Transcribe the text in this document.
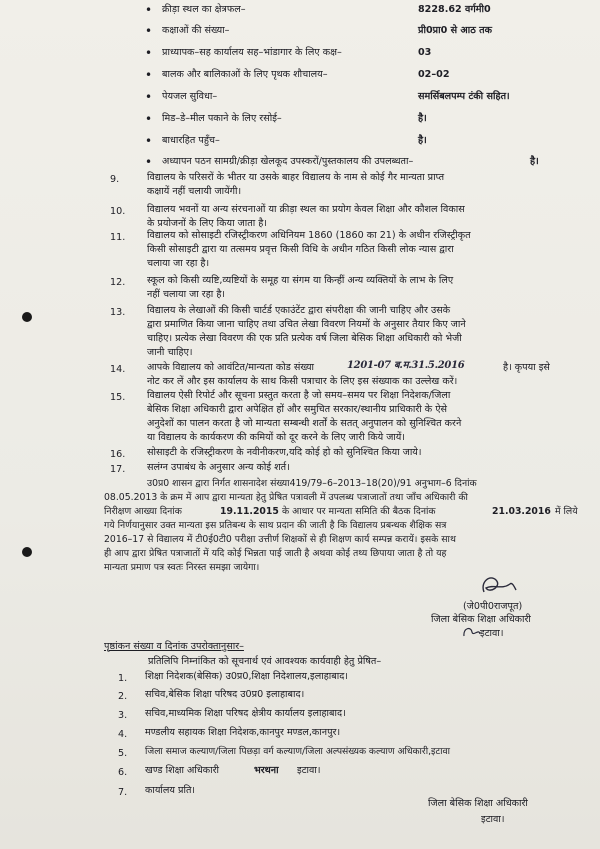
• क्रीड़ा स्थल का क्षेत्रफल–	8228.62 वर्गमी0
• कक्षाओं की संख्या–	प्री0प्रा0 से आठ तक
• प्राध्यापक–सह कार्यालय सह–भांडागार के लिए कक्ष–	03
• बालक और बालिकाओं के लिए पृथक शौचालय–	02–02
• पेयजल सुविधा–	समर्सिबलपम्प टंकी सहित।
• मिड–डे–मील पकाने के लिए रसोई–	है।
• बाधारहित पहुँच–	है।
• अध्यापन पठन सामग्री/क्रीड़ा खेलकूद उपस्करों/पुस्तकालय की उपलब्धता–	है।
9.	विद्यालय के परिसरों के भीतर या उसके बाहर विद्यालय के नाम से कोई गैर मान्यता प्राप्त
कक्षायें नहीं चलायी जायेंगी।
10. विद्यालय भवनों या अन्य संरचनाओं या क्रीड़ा स्थल का प्रयोग केवल शिक्षा और कौशल विकास
के प्रयोजनों के लिए किया जाता है।
11. विद्यालय को सोसाइटी रजिस्ट्रीकरण अधिनियम 1860 (1860 का 21) के अधीन रजिस्ट्रीकृत
किसी सोसाइटी द्वारा या तत्समय प्रवृत्त किसी विधि के अधीन गठित किसी लोक न्यास द्वारा
चलाया जा रहा है।
12. स्कूल को किसी व्यष्टि,व्यष्टियों के समूह या संगम या किन्हीं अन्य व्यक्तियों के लाभ के लिए
नहीं चलाया जा रहा है।
13. विद्यालय के लेखाओं की किसी चार्टर्ड एकाउंटेंट द्वारा संपरीक्षा की जानी चाहिए और उसके
द्वारा प्रमाणित किया जाना चाहिए तथा उचित लेखा विवरण नियमों के अनुसार तैयार किए जाने
चाहिए। प्रत्येक लेखा विवरण की एक प्रति प्रत्येक वर्ष जिला बेसिक शिक्षा अधिकारी को भेजी
जानी चाहिए।
14. आपके विद्यालय को आवंटित/मान्यता कोड संख्या	1201-07 ब.म.31.5.2016	है। कृपया इसे
नोट कर लें और इस कार्यालय के साथ किसी पत्राचार के लिए इस संख्याक का उल्लेख करें।
15. विद्यालय ऐसी रिपोर्ट और सूचना प्रस्तुत करता है जो समय–समय पर शिक्षा निदेशक/जिला
बेसिक शिक्षा अधिकारी द्वारा अपेक्षित हों और समुचित सरकार/स्थानीय प्राधिकारी के ऐसे
अनुदेशों का पालन करता है जो मान्यता सम्बन्धी शर्तों के सतत् अनुपालन को सुनिश्चित करने
या विद्यालय के कार्यकरण की कमियों को दूर करने के लिए जारी किये जायें।
16. सोसाइटी के रजिस्ट्रीकरण के नवीनीकरण,यदि कोई हो को सुनिश्चित किया जाये।
17. सलंग्न उपाबंध के अनुसार अन्य कोई शर्त।
उ0प्र0 शासन द्वारा निर्गत शासनादेश संख्या419/79–6–2013–18(20)/91 अनुभाग–6 दिनांक
08.05.2013 के क्रम में आप द्वारा मान्यता हेतु प्रेषित पत्रावली में उपलब्ध पत्राजातों तथा जाँच अधिकारी की
निरीक्षण आख्या दिनांक	19.11.2015 के आधार पर मान्यता समिति की बैठक दिनांक	21.03.2016 में लिये
गये निर्णयानुसार उक्त मान्यता इस प्रतिबन्ध के साथ प्रदान की जाती है कि विद्यालय प्रबन्धक शैक्षिक सत्र
2016–17 से विद्यालय में टी0ई0टी0 परीक्षा उत्तीर्ण शिक्षकों से ही शिक्षण कार्य सम्पन्न करायें। इसके साथ
ही आप द्वारा प्रेषित पत्राजातों में यदि कोई भिन्नता पाई जाती है अथवा कोई तथ्य छिपाया जाता है तो यह
मान्यता प्रमाण पत्र स्वतः निरस्त समझा जायेगा।
(जे0पी0राजपूत)
जिला बेसिक शिक्षा अधिकारी
इटावा।
पृष्ठांकन संख्या व दिनांक उपरोक्तानुसार–
प्रतिलिपि निम्नांकित को सूचनार्थ एवं आवश्यक कार्यवाही हेतु प्रेषित–
1. शिक्षा निदेशक(बेसिक) उ0प्र0,शिक्षा निदेशालय,इलाहाबाद।
2. सचिव,बेसिक शिक्षा परिषद उ0प्र0 इलाहाबाद।
3. सचिव,माध्यमिक शिक्षा परिषद क्षेत्रीय कार्यालय इलाहाबाद।
4. मण्डलीय सहायक शिक्षा निदेशक,कानपुर मण्डल,कानपुर।
5. जिला समाज कल्याण/जिला पिछड़ा वर्ग कल्याण/जिला अल्पसंख्यक कल्याण अधिकारी,इटावा
6. खण्ड शिक्षा अधिकारी	भरथना इटावा।
7. कार्यालय प्रति।
जिला बेसिक शिक्षा अधिकारी
इटावा।
